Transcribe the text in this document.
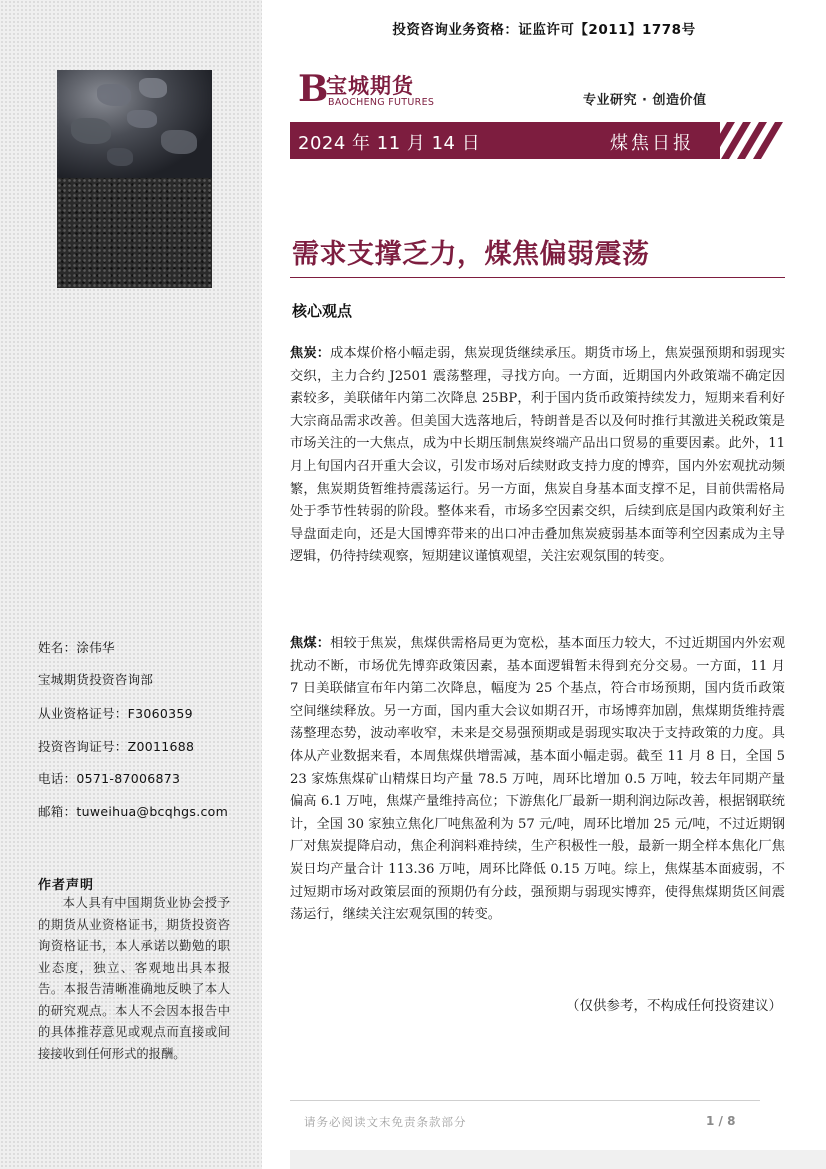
投资咨询业务资格：证监许可【2011】1778号
B
宝城期货
BAOCHENG FUTURES	专业研究 · 创造价值
2024 年 11 月 14 日	煤焦日报
需求支撑乏力，煤焦偏弱震荡
核心观点
焦炭：成本煤价格小幅走弱，焦炭现货继续承压。期货市场上，焦炭强预期和弱现实交织，主力合约 J2501 震荡整理，寻找方向。一方面，近期国内外政策端不确定因素较多，美联储年内第二次降息 25BP，利于国内货币政策持续发力，短期来看利好大宗商品需求改善。但美国大选落地后，特朗普是否以及何时推行其激进关税政策是市场关注的一大焦点，成为中长期压制焦炭终端产品出口贸易的重要因素。此外，11 月上旬国内召开重大会议，引发市场对后续财政支持力度的博弈，国内外宏观扰动频繁，焦炭期货暂维持震荡运行。另一方面，焦炭自身基本面支撑不足，目前供需格局处于季节性转弱的阶段。整体来看，市场多空因素交织，后续到底是国内政策利好主导盘面走向，还是大国博弈带来的出口冲击叠加焦炭疲弱基本面等利空因素成为主导逻辑，仍待持续观察，短期建议谨慎观望，关注宏观氛围的转变。
焦煤：相较于焦炭，焦煤供需格局更为宽松，基本面压力较大，不过近期国内外宏观扰动不断，市场优先博弈政策因素，基本面逻辑暂未得到充分交易。一方面，11 月 7 日美联储宣布年内第二次降息，幅度为 25 个基点，符合市场预期，国内货币政策空间继续释放。另一方面，国内重大会议如期召开，市场博弈加剧，焦煤期货维持震荡整理态势，波动率收窄，未来是交易强预期或是弱现实取决于支持政策的力度。具体从产业数据来看，本周焦煤供增需减，基本面小幅走弱。截至 11 月 8 日，全国 523 家炼焦煤矿山精煤日均产量 78.5 万吨，周环比增加 0.5 万吨，较去年同期产量偏高 6.1 万吨，焦煤产量维持高位；下游焦化厂最新一期利润边际改善，根据钢联统计，全国 30 家独立焦化厂吨焦盈利为 57 元/吨，周环比增加 25 元/吨，不过近期钢厂对焦炭提降启动，焦企利润料难持续，生产积极性一般，最新一期全样本焦化厂焦炭日均产量合计 113.36 万吨，周环比降低 0.15 万吨。综上，焦煤基本面疲弱，不过短期市场对政策层面的预期仍有分歧，强预期与弱现实博弈，使得焦煤期货区间震荡运行，继续关注宏观氛围的转变。
（仅供参考，不构成任何投资建议）
姓名：涂伟华
宝城期货投资咨询部
从业资格证号：F3060359
投资咨询证号：Z0011688
电话：0571-87006873
邮箱：tuweihua@bcqhgs.com
作者声明
本人具有中国期货业协会授予的期货从业资格证书，期货投资咨询资格证书，本人承诺以勤勉的职业态度，独立、客观地出具本报告。本报告清晰准确地反映了本人的研究观点。本人不会因本报告中的具体推荐意见或观点而直接或间接接收到任何形式的报酬。
请务必阅读文末免责条款部分	1 / 8
